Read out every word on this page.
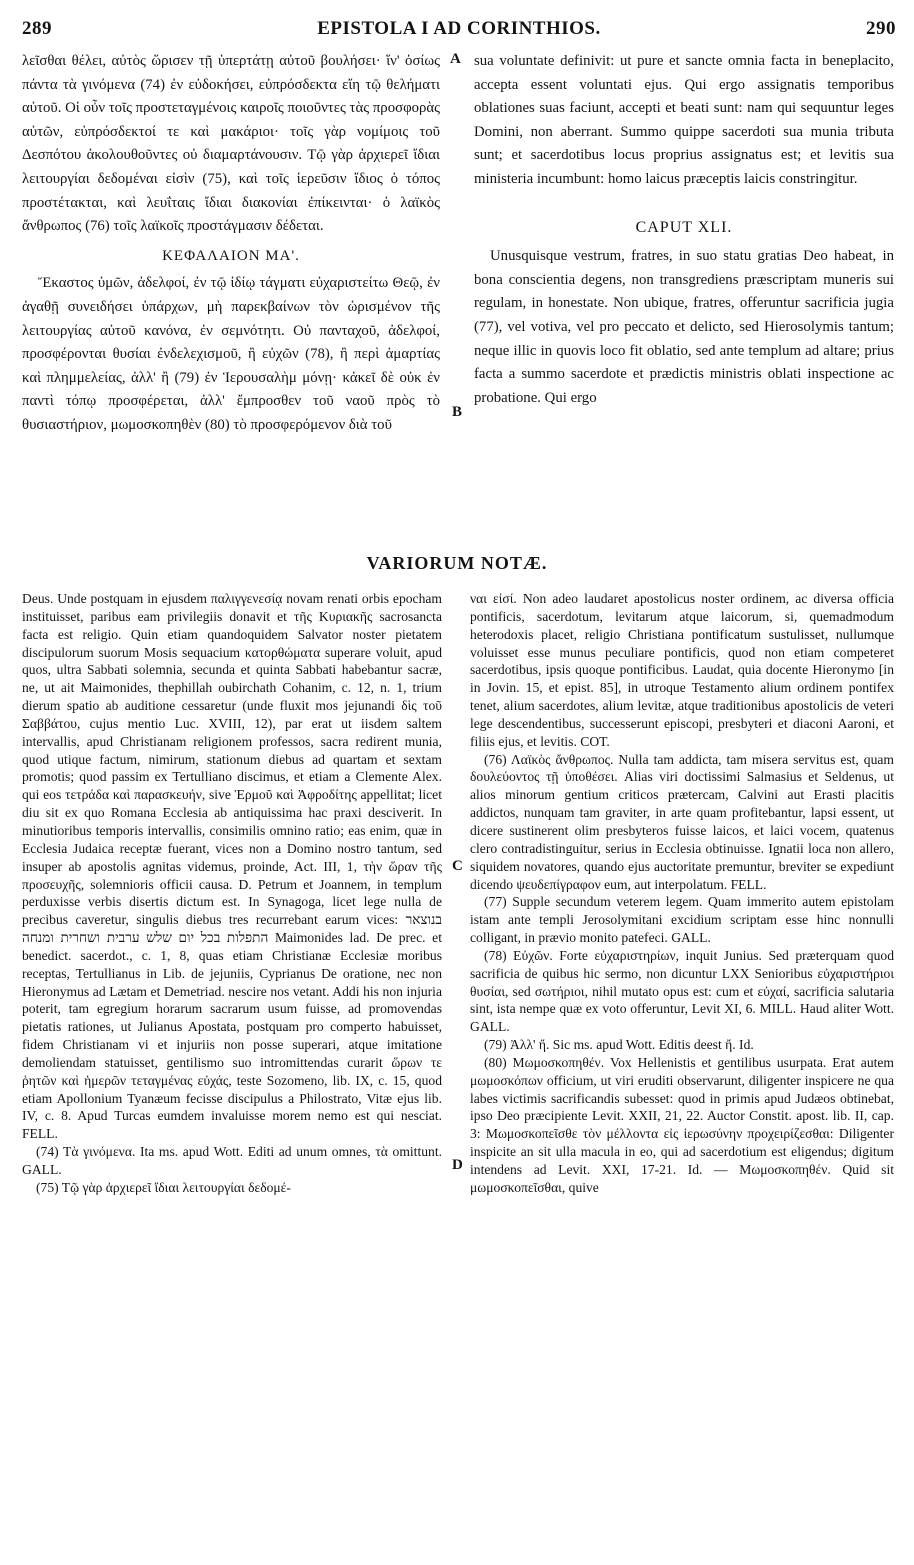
289	EPISTOLA I AD CORINTHIOS.	290

λεῖσθαι θέλει, αὐτὸς ὥρισεν τῇ ὑπερτάτῃ αὐτοῦ βουλήσει· ἵν' ὁσίως πάντα τὰ γινόμενα (74) ἐν εὐδοκήσει, εὐπρόσδεκτα εἴη τῷ θελήματι αὐτοῦ. Οἱ οὖν τοῖς προστεταγμένοις καιροῖς ποιοῦντες τὰς προσφορὰς αὐτῶν, εὐπρόσδεκτοί τε καὶ μακάριοι· τοῖς γὰρ νομίμοις τοῦ Δεσπότου ἀκολουθοῦντες οὐ διαμαρτάνουσιν. Τῷ γὰρ ἀρχιερεῖ ἴδιαι λειτουργίαι δεδομέναι εἰσὶν (75), καὶ τοῖς ἱερεῦσιν ἴδιος ὁ τόπος προστέτακται, καὶ λευΐταις ἴδιαι διακονίαι ἐπίκεινται· ὁ λαϊκὸς ἄνθρωπος (76) τοῖς λαϊκοῖς προστάγμασιν δέδεται.

ΚΕΦΑΛΑΙΟΝ ΜΑ'.

Ἕκαστος ὑμῶν, ἀδελφοί, ἐν τῷ ἰδίῳ τάγματι εὐχαριστείτω Θεῷ, ἐν ἀγαθῇ συνειδήσει ὑπάρχων, μὴ παρεκβαίνων τὸν ὡρισμένον τῆς λειτουργίας αὐτοῦ κανόνα, ἐν σεμνότητι. Οὐ πανταχοῦ, ἀδελφοί, προσφέρονται θυσίαι ἐνδελεχισμοῦ, ἢ εὐχῶν (78), ἢ περὶ ἁμαρτίας καὶ πλημμελείας, ἀλλ' ἢ (79) ἐν Ἱερουσαλὴμ μόνῃ· κἀκεῖ δὲ οὐκ ἐν παντὶ τόπῳ προσφέρεται, ἀλλ' ἔμπροσθεν τοῦ ναοῦ πρὸς τὸ θυσιαστήριον, μωμοσκοπηθὲν (80) τὸ προσφερόμενον διὰ τοῦ

A
B

sua voluntate definivit: ut pure et sancte omnia facta in beneplacito, accepta essent voluntati ejus. Qui ergo assignatis temporibus oblationes suas faciunt, accepti et beati sunt: nam qui sequuntur leges Domini, non aberrant. Summo quippe sacerdoti sua munia tributa sunt; et sacerdotibus locus proprius assignatus est; et levitis sua ministeria incumbunt: homo laicus præceptis laicis constringitur.

CAPUT XLI.

Unusquisque vestrum, fratres, in suo statu gratias Deo habeat, in bona conscientia degens, non transgrediens præscriptam muneris sui regulam, in honestate. Non ubique, fratres, offeruntur sacrificia jugia (77), vel votiva, vel pro peccato et delicto, sed Hierosolymis tantum; neque illic in quovis loco fit oblatio, sed ante templum ad altare; prius facta a summo sacerdote et prædictis ministris oblati inspectione ac probatione. Qui ergo

VARIORUM NOTÆ.

Deus. Unde postquam in ejusdem παλιγγενεσίᾳ novam renati orbis epocham instituisset, paribus eam privilegiis donavit et τῆς Κυριακῆς sacrosancta facta est religio. Quin etiam quandoquidem Salvator noster pietatem discipulorum suorum Mosis sequacium κατορθώματα superare voluit, apud quos, ultra Sabbati solemnia, secunda et quinta Sabbati habebantur sacræ, ne, ut ait Maimonides, thephillah oubirchath Cohanim, c. 12, n. 1, trium dierum spatio ab auditione cessaretur (unde fluxit mos jejunandi δὶς τοῦ Σαββάτου, cujus mentio Luc. XVIII, 12), par erat ut iisdem saltem intervallis, apud Christianam religionem professos, sacra redirent munia, quod utique factum, nimirum, stationum diebus ad quartam et sextam promotis; quod passim ex Tertulliano discimus, et etiam a Clemente Alex. qui eos τετράδα καὶ παρασκευήν, sive Ἑρμοῦ καὶ Ἀφροδίτης appellitat; licet diu sit ex quo Romana Ecclesia ab antiquissima hac praxi desciverit. In minutioribus temporis intervallis, consimilis omnino ratio; eas enim, quæ in Ecclesia Judaica receptæ fuerant, vices non a Domino nostro tantum, sed insuper ab apostolis agnitas videmus, proinde, Act. III, 1, τὴν ὥραν τῆς προσευχῆς, solemnioris officii causa. D. Petrum et Joannem, in templum perduxisse verbis disertis dictum est. In Synagoga, licet lege nulla de precibus caveretur, singulis diebus tres recurrebant earum vices: בנוצאר התפלות בכל יום שלש ערבית ושחרית ומנחה Maimonides lad. De prec. et benedict. sacerdot., c. 1, 8, quas etiam Christianæ Ecclesiæ moribus receptas, Tertullianus in Lib. de jejuniis, Cyprianus De oratione, nec non Hieronymus ad Lætam et Demetriad. nescire nos vetant. Addi his non injuria poterit, tam egregium horarum sacrarum usum fuisse, ad promovendas pietatis rationes, ut Julianus Apostata, postquam pro comperto habuisset, fidem Christianam vi et injuriis non posse superari, atque imitatione demoliendam statuisset, gentilismo suo intromittendas curarit ὥρων τε ῥητῶν καὶ ἡμερῶν τεταγμένας εὐχάς, teste Sozomeno, lib. IX, c. 15, quod etiam Apollonium Tyanæum fecisse discipulus a Philostrato, Vitæ ejus lib. IV, c. 8. Apud Turcas eumdem invaluisse morem nemo est qui nesciat. FELL.

(74) Τὰ γινόμενα. Ita ms. apud Wott. Editi ad unum omnes, τὰ omittunt. GALL.

(75) Τῷ γὰρ ἀρχιερεῖ ἴδιαι λειτουργίαι δεδομέ-

C
D

ναι εἰσί. Non adeo laudaret apostolicus noster ordinem, ac diversa officia pontificis, sacerdotum, levitarum atque laicorum, si, quemadmodum heterodoxis placet, religio Christiana pontificatum sustulisset, nullumque voluisset esse munus peculiare pontificis, quod non etiam competeret sacerdotibus, ipsis quoque pontificibus. Laudat, quia docente Hieronymo [in in Jovin. 15, et epist. 85], in utroque Testamento alium ordinem pontifex tenet, alium sacerdotes, alium levitæ, atque traditionibus apostolicis de veteri lege descendentibus, successerunt episcopi, presbyteri et diaconi Aaroni, et filiis ejus, et levitis. COT.

(76) Λαϊκὸς ἄνθρωπος. Nulla tam addicta, tam misera servitus est, quam δουλεύοντος τῇ ὑποθέσει. Alias viri doctissimi Salmasius et Seldenus, ut alios minorum gentium criticos prætercam, Calvini aut Erasti placitis addictos, nunquam tam graviter, in arte quam profitebantur, lapsi essent, ut dicere sustinerent olim presbyteros fuisse laicos, et laici vocem, quatenus clero contradistinguitur, serius in Ecclesia obtinuisse. Ignatii loca non allero, siquidem novatores, quando ejus auctoritate premuntur, breviter se expediunt dicendo ψευδεπίγραφον eum, aut interpolatum. FELL.

(77) Supple secundum veterem legem. Quam immerito autem epistolam istam ante templi Jerosolymitani excidium scriptam esse hinc nonnulli colligant, in prævio monito patefeci. GALL.

(78) Εὐχῶν. Forte εὐχαριστηρίων, inquit Junius. Sed præterquam quod sacrificia de quibus hic sermo, non dicuntur LXX Senioribus εὐχαριστήριοι θυσίαι, sed σωτήριοι, nihil mutato opus est: cum et εὐχαί, sacrificia salutaria sint, ista nempe quæ ex voto offeruntur, Levit XI, 6. MILL. Haud aliter Wott. GALL.

(79) Ἀλλ' ἤ. Sic ms. apud Wott. Editis deest ἤ. Id.

(80) Μωμοσκοπηθέν. Vox Hellenistis et gentilibus usurpata. Erat autem μωμοσκόπων officium, ut viri eruditi observarunt, diligenter inspicere ne qua labes victimis sacrificandis subesset: quod in primis apud Judæos obtinebat, ipso Deo præcipiente Levit. XXII, 21, 22. Auctor Constit. apost. lib. II, cap. 3: Μωμοσκοπεῖσθε τὸν μέλλοντα εἰς ἱερωσύνην προχειρίζεσθαι: Diligenter inspicite an sit ulla macula in eo, qui ad sacerdotium est eligendus; digitum intendens ad Levit. XXI, 17-21. Id. — Μωμοσκοπηθέν. Quid sit μωμοσκοπεῖσθαι, quive
